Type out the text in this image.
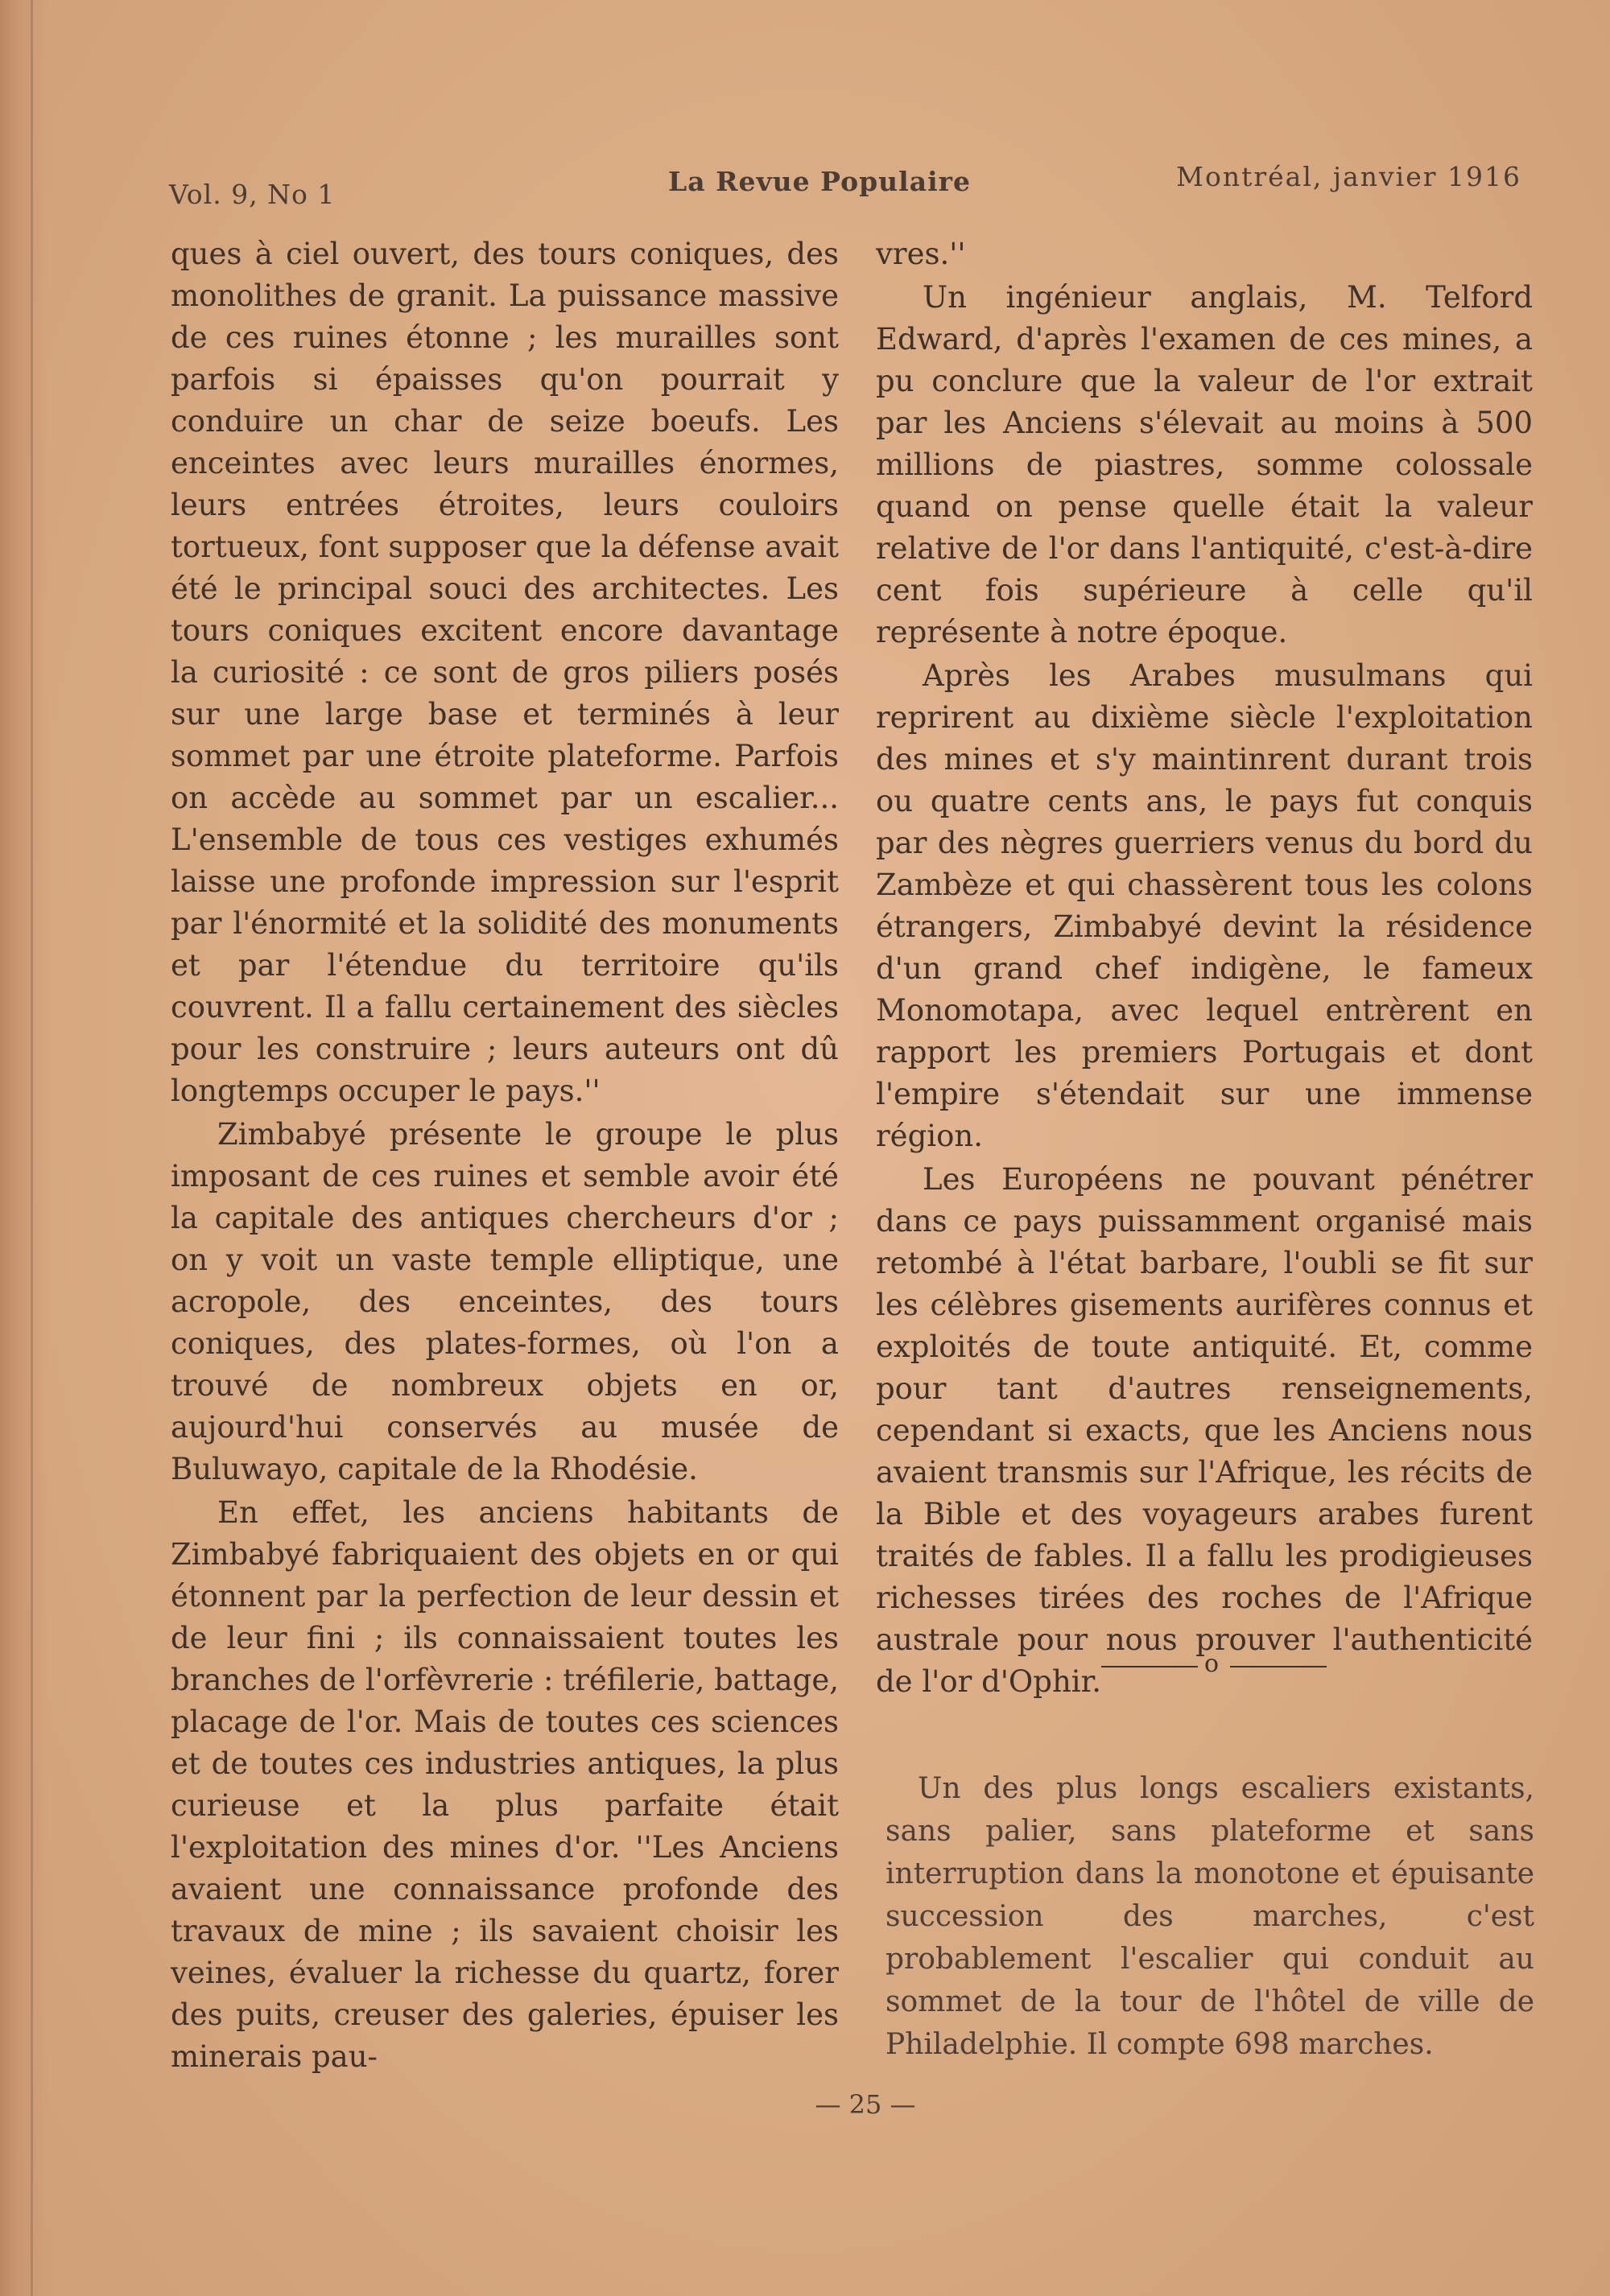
Vol. 9, No 1	La Revue Populaire	Montréal, janvier 1916

ques à ciel ouvert, des tours coniques, des monolithes de granit. La puissance massive de ces ruines étonne ; les murailles sont parfois si épaisses qu'on pourrait y conduire un char de seize boeufs. Les enceintes avec leurs murailles énormes, leurs entrées étroites, leurs couloirs tortueux, font supposer que la défense avait été le principal souci des architectes. Les tours coniques excitent encore davantage la curiosité : ce sont de gros piliers posés sur une large base et terminés à leur sommet par une étroite plateforme. Parfois on accède au sommet par un escalier... L'ensemble de tous ces vestiges exhumés laisse une profonde impression sur l'esprit par l'énormité et la solidité des monuments et par l'étendue du territoire qu'ils couvrent. Il a fallu certainement des siècles pour les construire ; leurs auteurs ont dû longtemps occuper le pays.''

Zimbabyé présente le groupe le plus imposant de ces ruines et semble avoir été la capitale des antiques chercheurs d'or ; on y voit un vaste temple elliptique, une acropole, des enceintes, des tours coniques, des plates-formes, où l'on a trouvé de nombreux objets en or, aujourd'hui conservés au musée de Buluwayo, capitale de la Rhodésie.

En effet, les anciens habitants de Zimbabyé fabriquaient des objets en or qui étonnent par la perfection de leur dessin et de leur fini ; ils connaissaient toutes les branches de l'orfèvrerie : tréfilerie, battage, placage de l'or. Mais de toutes ces sciences et de toutes ces industries antiques, la plus curieuse et la plus parfaite était l'exploitation des mines d'or. ''Les Anciens avaient une connaissance profonde des travaux de mine ; ils savaient choisir les veines, évaluer la richesse du quartz, forer des puits, creuser des galeries, épuiser les minerais pau-

vres.''

Un ingénieur anglais, M. Telford Edward, d'après l'examen de ces mines, a pu conclure que la valeur de l'or extrait par les Anciens s'élevait au moins à 500 millions de piastres, somme colossale quand on pense quelle était la valeur relative de l'or dans l'antiquité, c'est-à-dire cent fois supérieure à celle qu'il représente à notre époque.

Après les Arabes musulmans qui reprirent au dixième siècle l'exploitation des mines et s'y maintinrent durant trois ou quatre cents ans, le pays fut conquis par des nègres guerriers venus du bord du Zambèze et qui chassèrent tous les colons étrangers, Zimbabyé devint la résidence d'un grand chef indigène, le fameux Monomotapa, avec lequel entrèrent en rapport les premiers Portugais et dont l'empire s'étendait sur une immense région.

Les Européens ne pouvant pénétrer dans ce pays puissamment organisé mais retombé à l'état barbare, l'oubli se fit sur les célèbres gisements aurifères connus et exploités de toute antiquité. Et, comme pour tant d'autres renseignements, cependant si exacts, que les Anciens nous avaient transmis sur l'Afrique, les récits de la Bible et des voyageurs arabes furent traités de fables. Il a fallu les prodigieuses richesses tirées des roches de l'Afrique australe pour nous prouver l'authenticité de l'or d'Ophir.

o

Un des plus longs escaliers existants, sans palier, sans plateforme et sans interruption dans la monotone et épuisante succession des marches, c'est probablement l'escalier qui conduit au sommet de la tour de l'hôtel de ville de Philadelphie. Il compte 698 marches.

— 25 —
